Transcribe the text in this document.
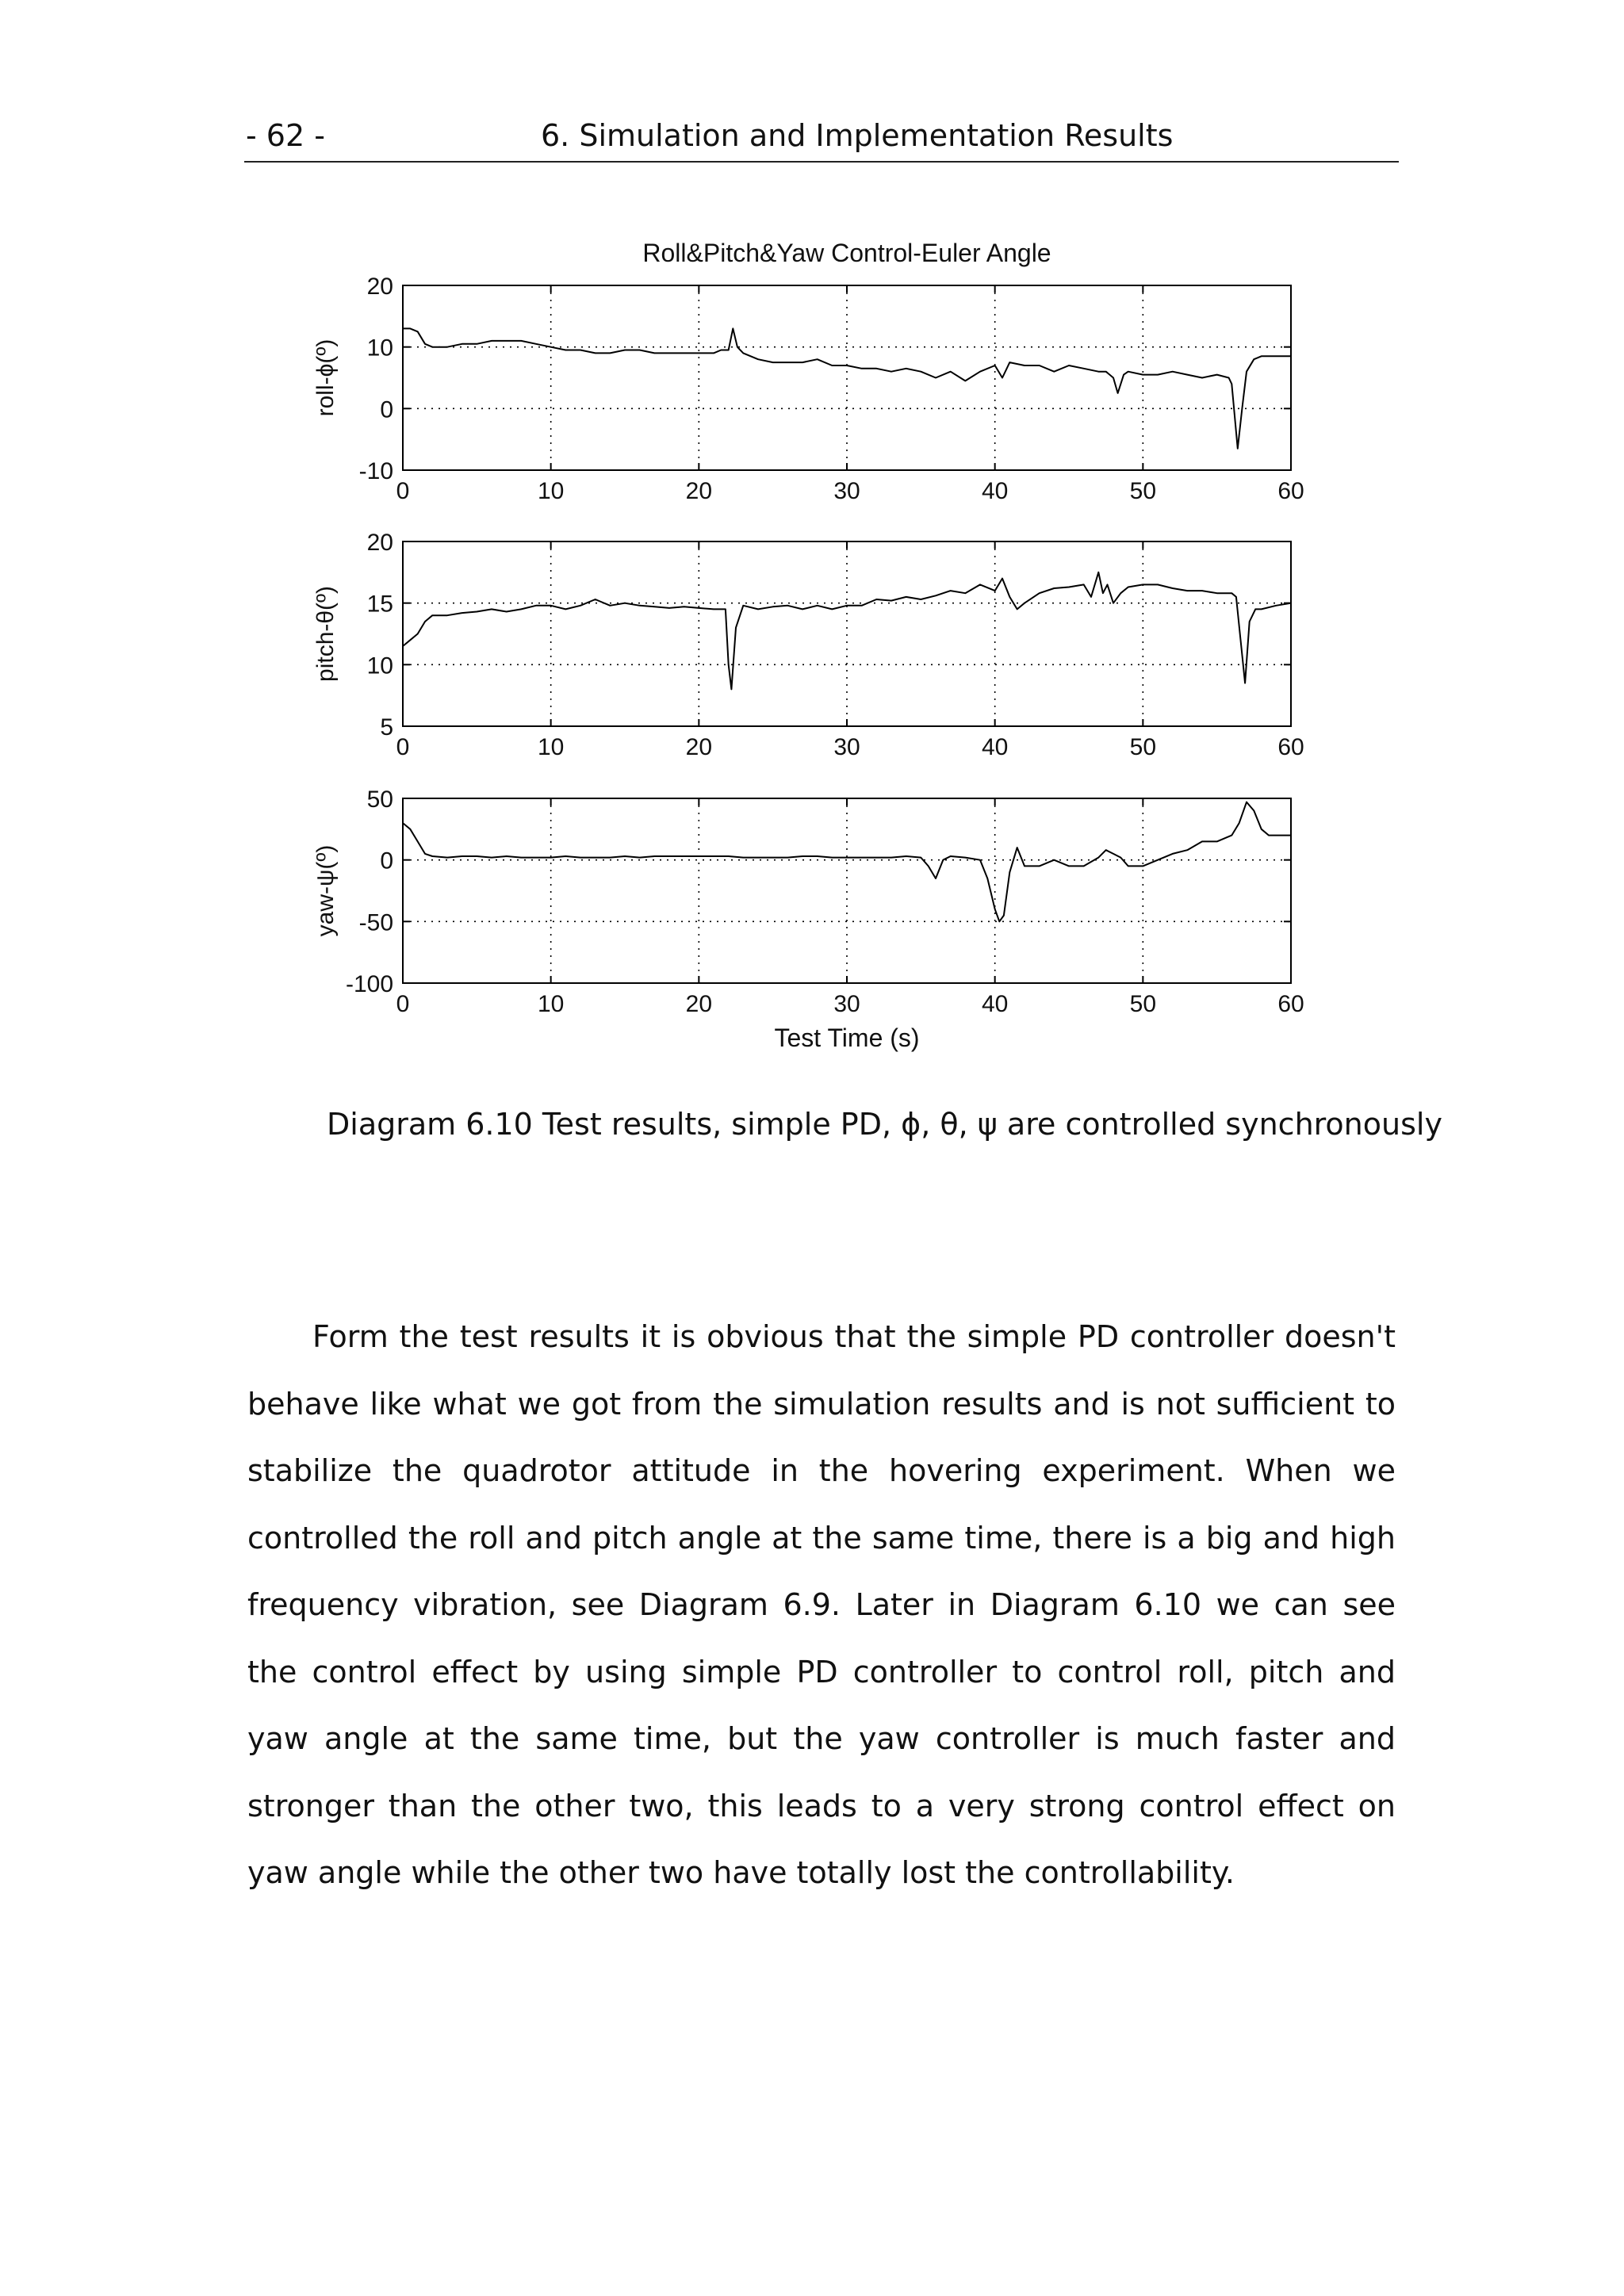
- 62 -	6. Simulation and Implementation Results
Roll&Pitch&Yaw Control-Euler Angle
0	10	20	30	40	50	60
20
10
0
-10
roll-ϕ(º)
0	10	20	30	40	50	60
20
15
10
5
pitch-θ(º)
0	10	20	30	40	50	60
50
0
-50
-100
yaw-ψ(º)
Test Time (s)
Diagram 6.10 Test results, simple PD, ϕ, θ, ψ are controlled synchronously

Form the test results it is obvious that the simple PD controller doesn't behave like what we got from the simulation results and is not sufficient to stabilize the quadrotor attitude in the hovering experiment. When we controlled the roll and pitch angle at the same time, there is a big and high frequency vibration, see Diagram 6.9. Later in Diagram 6.10 we can see the control effect by using simple PD controller to control roll, pitch and yaw angle at the same time, but the yaw controller is much faster and stronger than the other two, this leads to a very strong control effect on yaw angle while the other two have totally lost the controllability.
